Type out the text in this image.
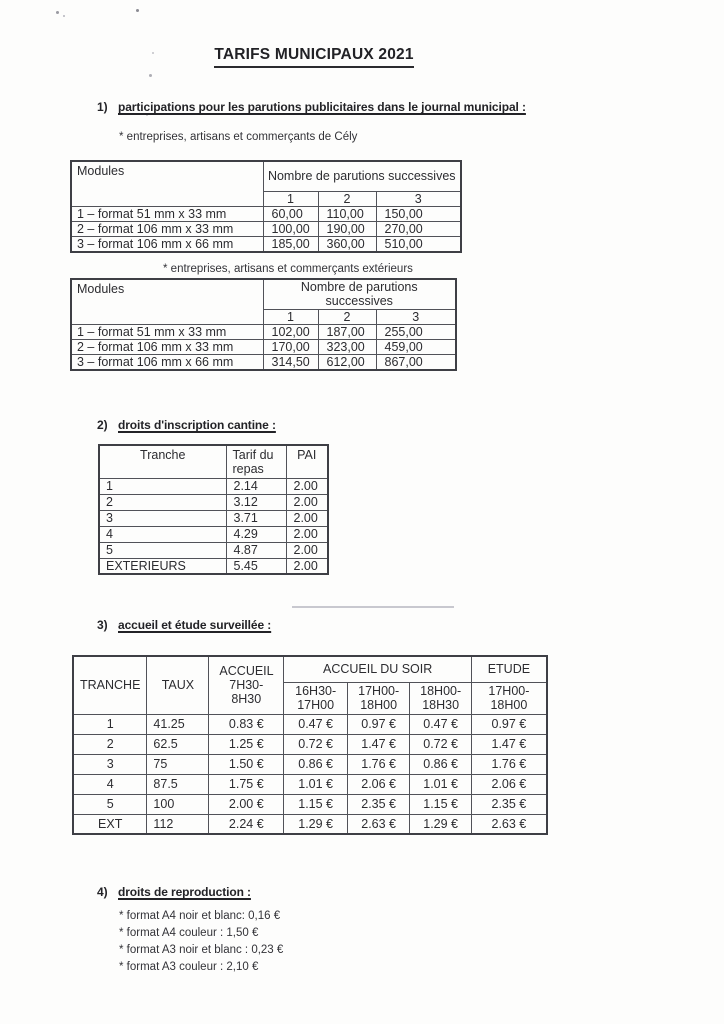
TARIFS MUNICIPAUX 2021
1) participations pour les parutions publicitaires dans le journal municipal :
* entreprises, artisans et commerçants de Cély
Modules	Nombre de parutions successives		
	1	2	3
1 – format 51 mm x 33 mm	60,00	110,00	150,00
2 – format 106 mm x 33 mm	100,00	190,00	270,00
3 – format 106 mm x 66 mm	185,00	360,00	510,00
* entreprises, artisans et commerçants extérieurs
Modules	Nombre de parutions successives		
	1	2	3
1 – format 51 mm x 33 mm	102,00	187,00	255,00
2 – format 106 mm x 33 mm	170,00	323,00	459,00
3 – format 106 mm x 66 mm	314,50	612,00	867,00
2) droits d'inscription cantine :
Tranche	Tarif du repas	PAI
1	2.14	2.00
2	3.12	2.00
3	3.71	2.00
4	4.29	2.00
5	4.87	2.00
EXTERIEURS	5.45	2.00
3) accueil et étude surveillée :
TRANCHE	TAUX	ACCUEIL 7H30-8H30	ACCUEIL DU SOIR			ETUDE
			16H30-17H00	17H00-18H00	18H00-18H30	17H00-18H00
1	41.25	0.83 €	0.47 €	0.97 €	0.47 €	0.97 €
2	62.5	1.25 €	0.72 €	1.47 €	0.72 €	1.47 €
3	75	1.50 €	0.86 €	1.76 €	0.86 €	1.76 €
4	87.5	1.75 €	1.01 €	2.06 €	1.01 €	2.06 €
5	100	2.00 €	1.15 €	2.35 €	1.15 €	2.35 €
EXT	112	2.24 €	1.29 €	2.63 €	1.29 €	2.63 €
4) droits de reproduction :
* format A4 noir et blanc: 0,16 €
* format A4 couleur : 1,50 €
* format A3 noir et blanc : 0,23 €
* format A3 couleur : 2,10 €
